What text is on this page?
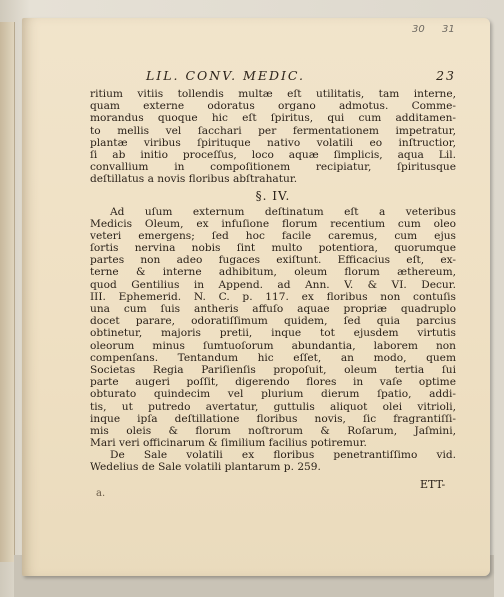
30 31
LIL. CONV. MEDIC.	23
ritium vitiis tollendis multæ eſt utilitatis, tam interne,
quam externe odoratus organo admotus. Comme-
morandus quoque hic eſt ſpiritus, qui cum additamen-
to mellis vel ſacchari per fermentationem impetratur,
plantæ viribus ſpirituque nativo volatili eo inſtructior,
ſi ab initio proceſſus, loco aquæ ſimplicis, aqua Lil.
convallium in compoſitionem recipiatur, ſpiritusque
deſtillatus a novis floribus abſtrahatur.
§. IV.
Ad uſum externum deſtinatum eſt a veteribus
Medicis Oleum, ex infuſione florum recentium cum oleo
veteri emergens; ſed hoc facile caremus, cum ejus
ſortis nervina nobis ſint multo potentiora, quorumque
partes non adeo fugaces exiſtunt. Efficacius eſt, ex-
terne & interne adhibitum, oleum florum æthereum,
quod Gentilius in Append. ad Ann. V. & VI. Decur.
III. Ephemerid. N. C. p. 117. ex floribus non contuſis
una cum ſuis antheris affuſo aquae propriæ quadruplo
docet parare, odoratiſſimum quidem, ſed quia parcius
obtinetur, majoris pretii, inque tot ejusdem virtutis
oleorum minus ſumtuoſorum abundantia, laborem non
compenſans. Tentandum hic eſſet, an modo, quem
Societas Regia Pariſienſis propoſuit, oleum tertia ſui
parte augeri poſſit, digerendo flores in vaſe optime
obturato quindecim vel plurium dierum ſpatio, addi-
tis, ut putredo avertatur, guttulis aliquot olei vitrioli,
inque ipſa deſtillatione floribus novis, ſic fragrantiſſi-
mis oleis & florum noſtrorum & Roſarum, Jaſmini,
Mari veri officinarum & ſimilium facilius potiremur.
De Sale volatili ex floribus penetrantiſſimo vid.
Wedelius de Sale volatili plantarum p. 259.
ETT-
a.
